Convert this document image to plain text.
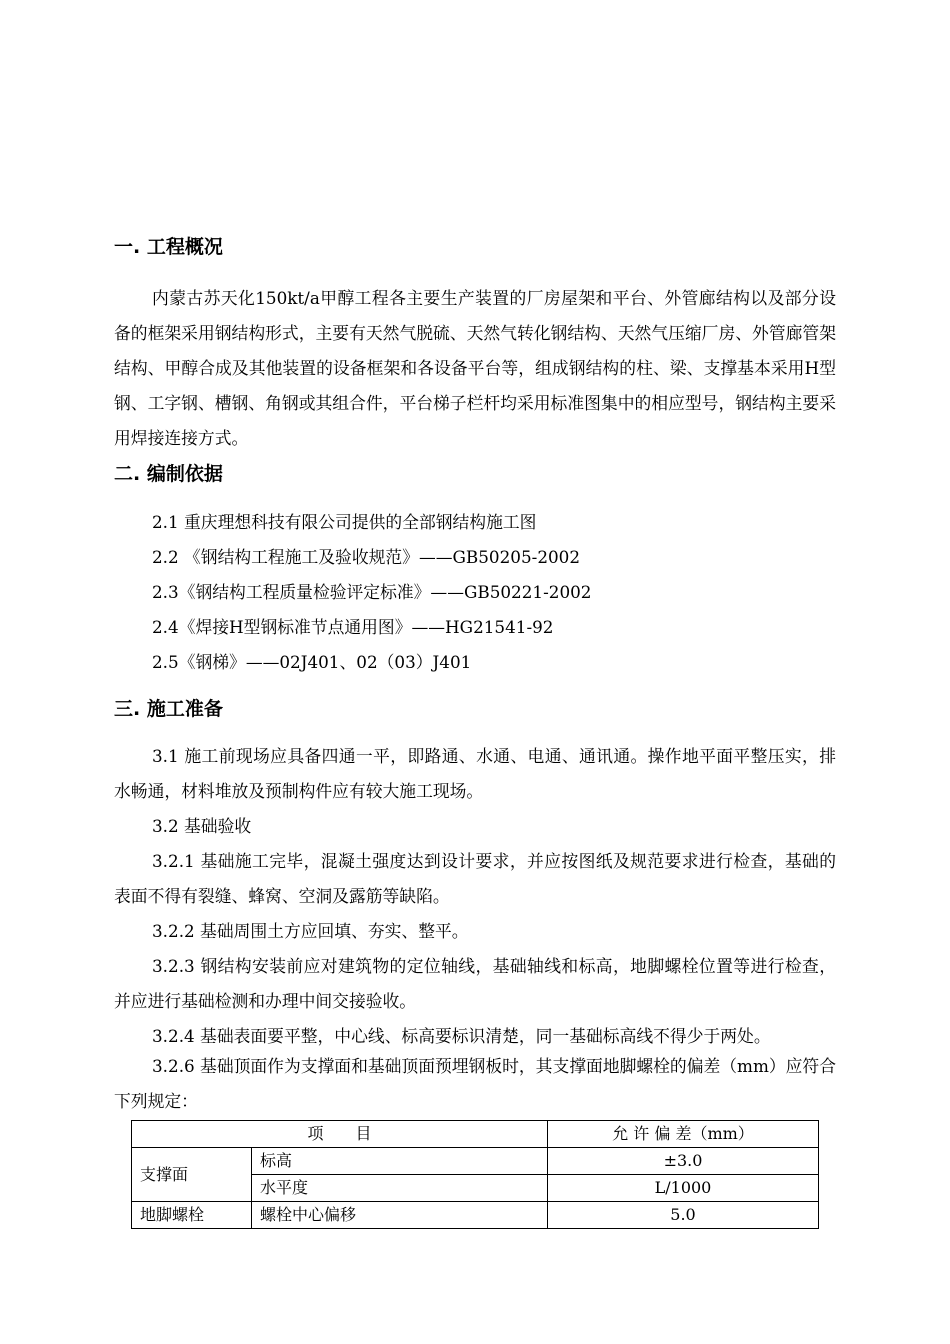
一. 工程概况

内蒙古苏天化150kt/a甲醇工程各主要生产装置的厂房屋架和平台、外管廊结构以及部分设备的框架采用钢结构形式，主要有天然气脱硫、天然气转化钢结构、天然气压缩厂房、外管廊管架结构、甲醇合成及其他装置的设备框架和各设备平台等，组成钢结构的柱、梁、支撑基本采用H型钢、工字钢、槽钢、角钢或其组合件，平台梯子栏杆均采用标准图集中的相应型号，钢结构主要采用焊接连接方式。

二. 编制依据

2.1 重庆理想科技有限公司提供的全部钢结构施工图

2.2 《钢结构工程施工及验收规范》——GB50205-2002

2.3《钢结构工程质量检验评定标准》——GB50221-2002

2.4《焊接H型钢标准节点通用图》——HG21541-92

2.5《钢梯》——02J401、02（03）J401

三. 施工准备

3.1 施工前现场应具备四通一平，即路通、水通、电通、通讯通。操作地平面平整压实，排水畅通，材料堆放及预制构件应有较大施工现场。

3.2 基础验收

3.2.1 基础施工完毕，混凝土强度达到设计要求，并应按图纸及规范要求进行检查，基础的表面不得有裂缝、蜂窝、空洞及露筋等缺陷。

3.2.2 基础周围土方应回填、夯实、整平。

3.2.3 钢结构安装前应对建筑物的定位轴线，基础轴线和标高，地脚螺栓位置等进行检查，并应进行基础检测和办理中间交接验收。

3.2.4 基础表面要平整，中心线、标高要标识清楚，同一基础标高线不得少于两处。

3.2.6 基础顶面作为支撑面和基础顶面预埋钢板时，其支撑面地脚螺栓的偏差（mm）应符合下列规定：

项　　目		允 许 偏 差（mm）
支撑面	标高	±3.0
	水平度	L/1000
地脚螺栓	螺栓中心偏移	5.0
